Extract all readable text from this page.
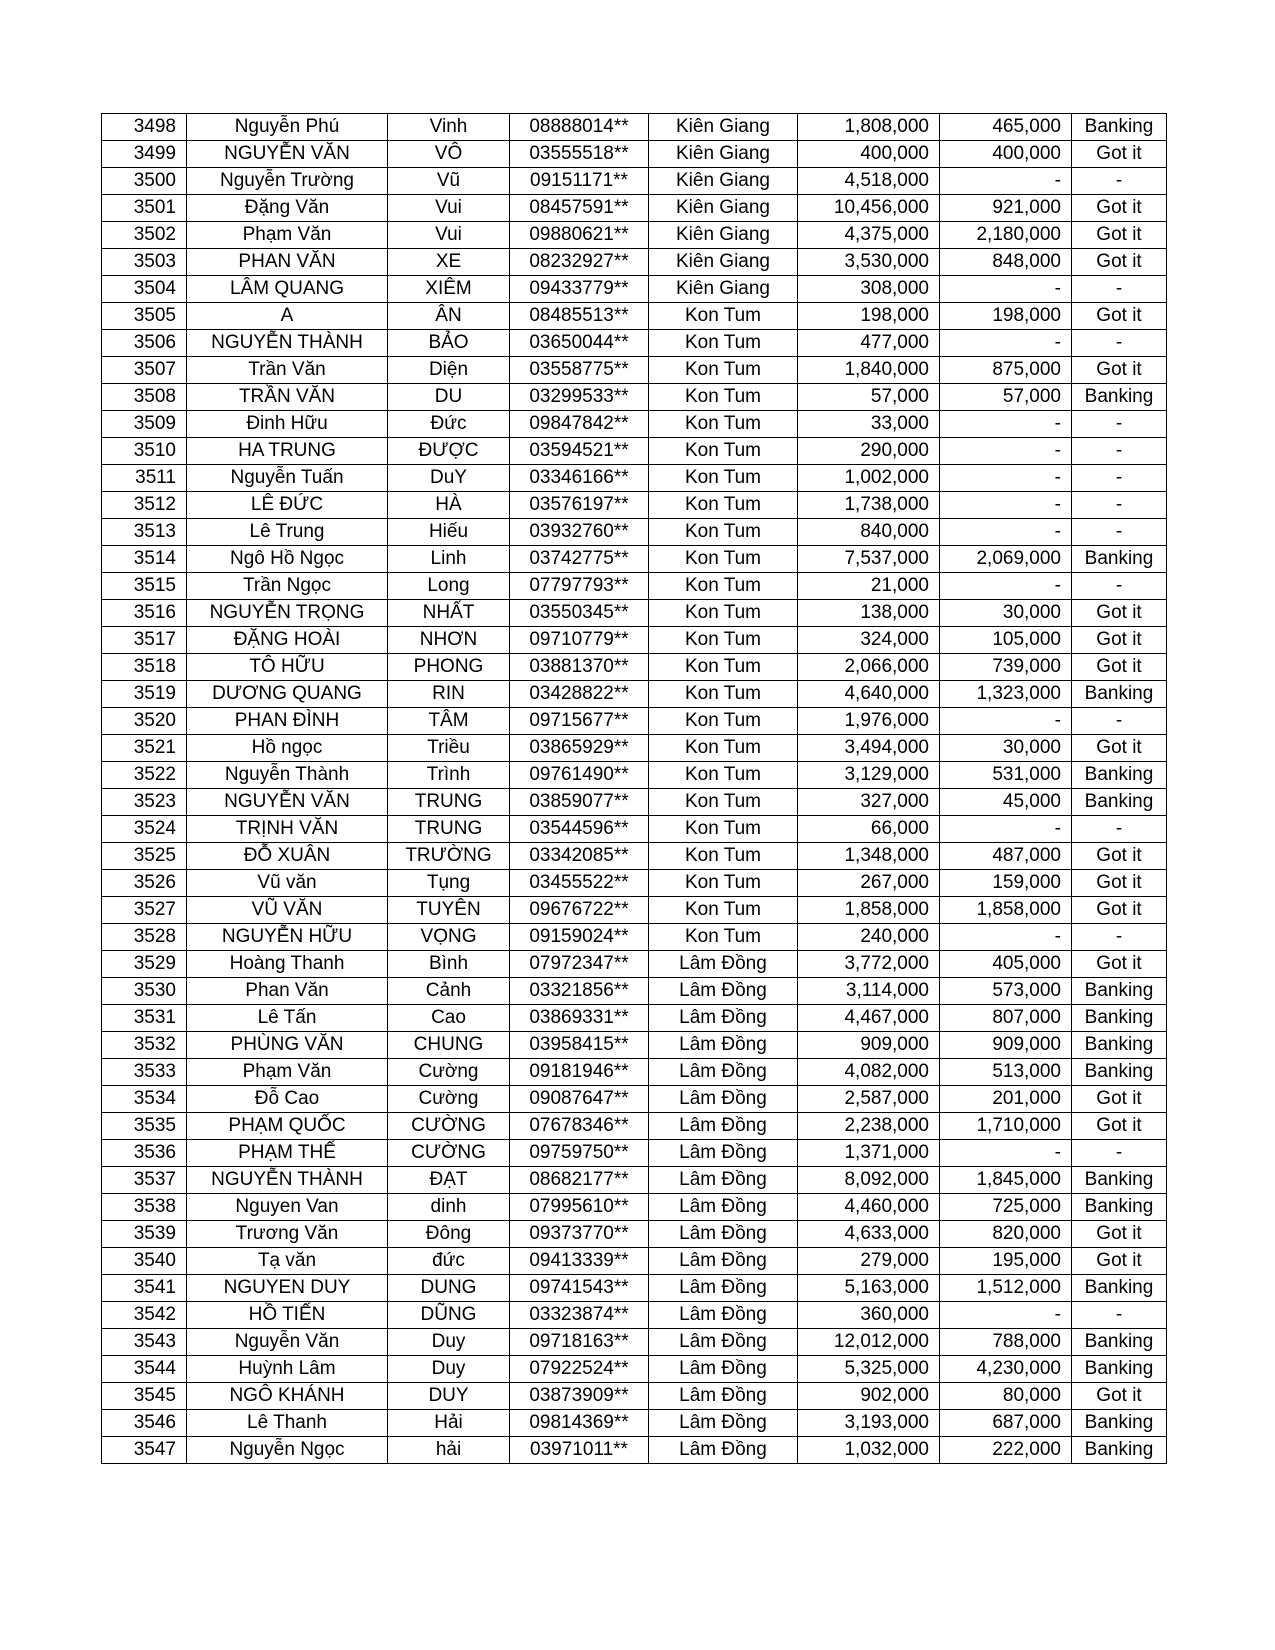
3498	Nguyễn Phú	Vinh	08888014**	Kiên Giang	1,808,000	465,000	Banking
3499	NGUYỄN VĂN	VÔ	03555518**	Kiên Giang	400,000	400,000	Got it
3500	Nguyễn Trường	Vũ	09151171**	Kiên Giang	4,518,000	-	-
3501	Đặng Văn	Vui	08457591**	Kiên Giang	10,456,000	921,000	Got it
3502	Phạm Văn	Vui	09880621**	Kiên Giang	4,375,000	2,180,000	Got it
3503	PHAN VĂN	XE	08232927**	Kiên Giang	3,530,000	848,000	Got it
3504	LÂM QUANG	XIÊM	09433779**	Kiên Giang	308,000	-	-
3505	A	ÂN	08485513**	Kon Tum	198,000	198,000	Got it
3506	NGUYỄN THÀNH	BẢO	03650044**	Kon Tum	477,000	-	-
3507	Trần Văn	Diện	03558775**	Kon Tum	1,840,000	875,000	Got it
3508	TRẦN VĂN	DU	03299533**	Kon Tum	57,000	57,000	Banking
3509	Đinh Hữu	Đức	09847842**	Kon Tum	33,000	-	-
3510	HA TRUNG	ĐƯỢC	03594521**	Kon Tum	290,000	-	-
3511	Nguyễn Tuấn	DuY	03346166**	Kon Tum	1,002,000	-	-
3512	LÊ ĐỨC	HÀ	03576197**	Kon Tum	1,738,000	-	-
3513	Lê Trung	Hiếu	03932760**	Kon Tum	840,000	-	-
3514	Ngô Hồ Ngọc	Linh	03742775**	Kon Tum	7,537,000	2,069,000	Banking
3515	Trần Ngọc	Long	07797793**	Kon Tum	21,000	-	-
3516	NGUYỄN TRỌNG	NHẤT	03550345**	Kon Tum	138,000	30,000	Got it
3517	ĐẶNG HOÀI	NHƠN	09710779**	Kon Tum	324,000	105,000	Got it
3518	TÔ HỮU	PHONG	03881370**	Kon Tum	2,066,000	739,000	Got it
3519	DƯƠNG QUANG	RIN	03428822**	Kon Tum	4,640,000	1,323,000	Banking
3520	PHAN ĐÌNH	TÂM	09715677**	Kon Tum	1,976,000	-	-
3521	Hồ ngọc	Triều	03865929**	Kon Tum	3,494,000	30,000	Got it
3522	Nguyễn Thành	Trình	09761490**	Kon Tum	3,129,000	531,000	Banking
3523	NGUYỄN VĂN	TRUNG	03859077**	Kon Tum	327,000	45,000	Banking
3524	TRỊNH VĂN	TRUNG	03544596**	Kon Tum	66,000	-	-
3525	ĐỖ XUÂN	TRƯỜNG	03342085**	Kon Tum	1,348,000	487,000	Got it
3526	Vũ văn	Tụng	03455522**	Kon Tum	267,000	159,000	Got it
3527	VŨ VĂN	TUYÊN	09676722**	Kon Tum	1,858,000	1,858,000	Got it
3528	NGUYỄN HỮU	VỌNG	09159024**	Kon Tum	240,000	-	-
3529	Hoàng Thanh	Bình	07972347**	Lâm Đồng	3,772,000	405,000	Got it
3530	Phan Văn	Cảnh	03321856**	Lâm Đồng	3,114,000	573,000	Banking
3531	Lê Tấn	Cao	03869331**	Lâm Đồng	4,467,000	807,000	Banking
3532	PHÙNG VĂN	CHUNG	03958415**	Lâm Đồng	909,000	909,000	Banking
3533	Phạm Văn	Cường	09181946**	Lâm Đồng	4,082,000	513,000	Banking
3534	Đỗ Cao	Cường	09087647**	Lâm Đồng	2,587,000	201,000	Got it
3535	PHẠM QUỐC	CƯỜNG	07678346**	Lâm Đồng	2,238,000	1,710,000	Got it
3536	PHẠM THẾ	CƯỜNG	09759750**	Lâm Đồng	1,371,000	-	-
3537	NGUYỄN THÀNH	ĐẠT	08682177**	Lâm Đồng	8,092,000	1,845,000	Banking
3538	Nguyen Van	dinh	07995610**	Lâm Đồng	4,460,000	725,000	Banking
3539	Trương Văn	Đông	09373770**	Lâm Đồng	4,633,000	820,000	Got it
3540	Tạ văn	đức	09413339**	Lâm Đồng	279,000	195,000	Got it
3541	NGUYEN DUY	DUNG	09741543**	Lâm Đồng	5,163,000	1,512,000	Banking
3542	HỒ TIẾN	DŨNG	03323874**	Lâm Đồng	360,000	-	-
3543	Nguyễn Văn	Duy	09718163**	Lâm Đồng	12,012,000	788,000	Banking
3544	Huỳnh Lâm	Duy	07922524**	Lâm Đồng	5,325,000	4,230,000	Banking
3545	NGÔ KHÁNH	DUY	03873909**	Lâm Đồng	902,000	80,000	Got it
3546	Lê Thanh	Hải	09814369**	Lâm Đồng	3,193,000	687,000	Banking
3547	Nguyễn Ngọc	hải	03971011**	Lâm Đồng	1,032,000	222,000	Banking
